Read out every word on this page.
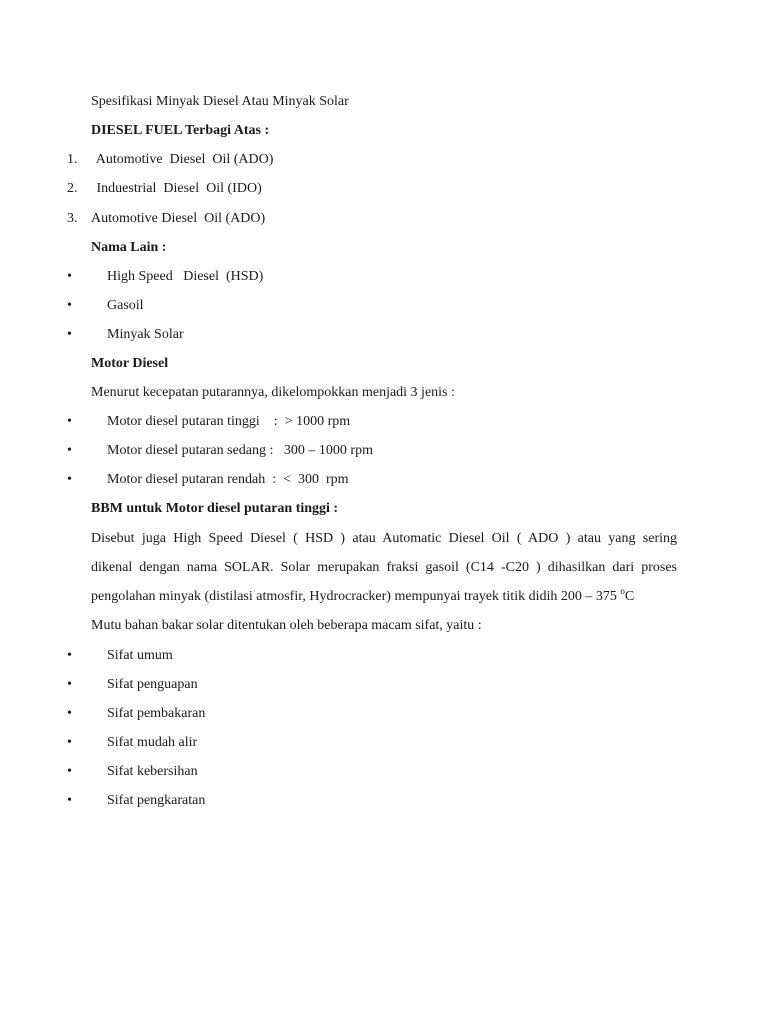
Spesifikasi Minyak Diesel Atau Minyak Solar
DIESEL FUEL Terbagi Atas :
1. Automotive  Diesel  Oil (ADO)
2. Induestrial  Diesel  Oil (IDO)
3. Automotive Diesel  Oil (ADO)
Nama Lain :
•	High Speed   Diesel  (HSD)
•	Gasoil
•	Minyak Solar
Motor Diesel
Menurut kecepatan putarannya, dikelompokkan menjadi 3 jenis :
•	Motor diesel putaran tinggi    :  > 1000 rpm
•	Motor diesel putaran sedang :   300 – 1000 rpm
•	Motor diesel putaran rendah  :  <  300  rpm
BBM untuk Motor diesel putaran tinggi :
Disebut juga High Speed Diesel ( HSD ) atau Automatic Diesel Oil ( ADO ) atau yang sering
dikenal dengan nama SOLAR. Solar merupakan fraksi gasoil (C14 -C20 ) dihasilkan dari proses
pengolahan minyak (distilasi atmosfir, Hydrocracker) mempunyai trayek titik didih 200 – 375 $^o$C
Mutu bahan bakar solar ditentukan oleh beberapa macam sifat, yaitu :
•	Sifat umum
•	Sifat penguapan
•	Sifat pembakaran
•	Sifat mudah alir
•	Sifat kebersihan
•	Sifat pengkaratan
